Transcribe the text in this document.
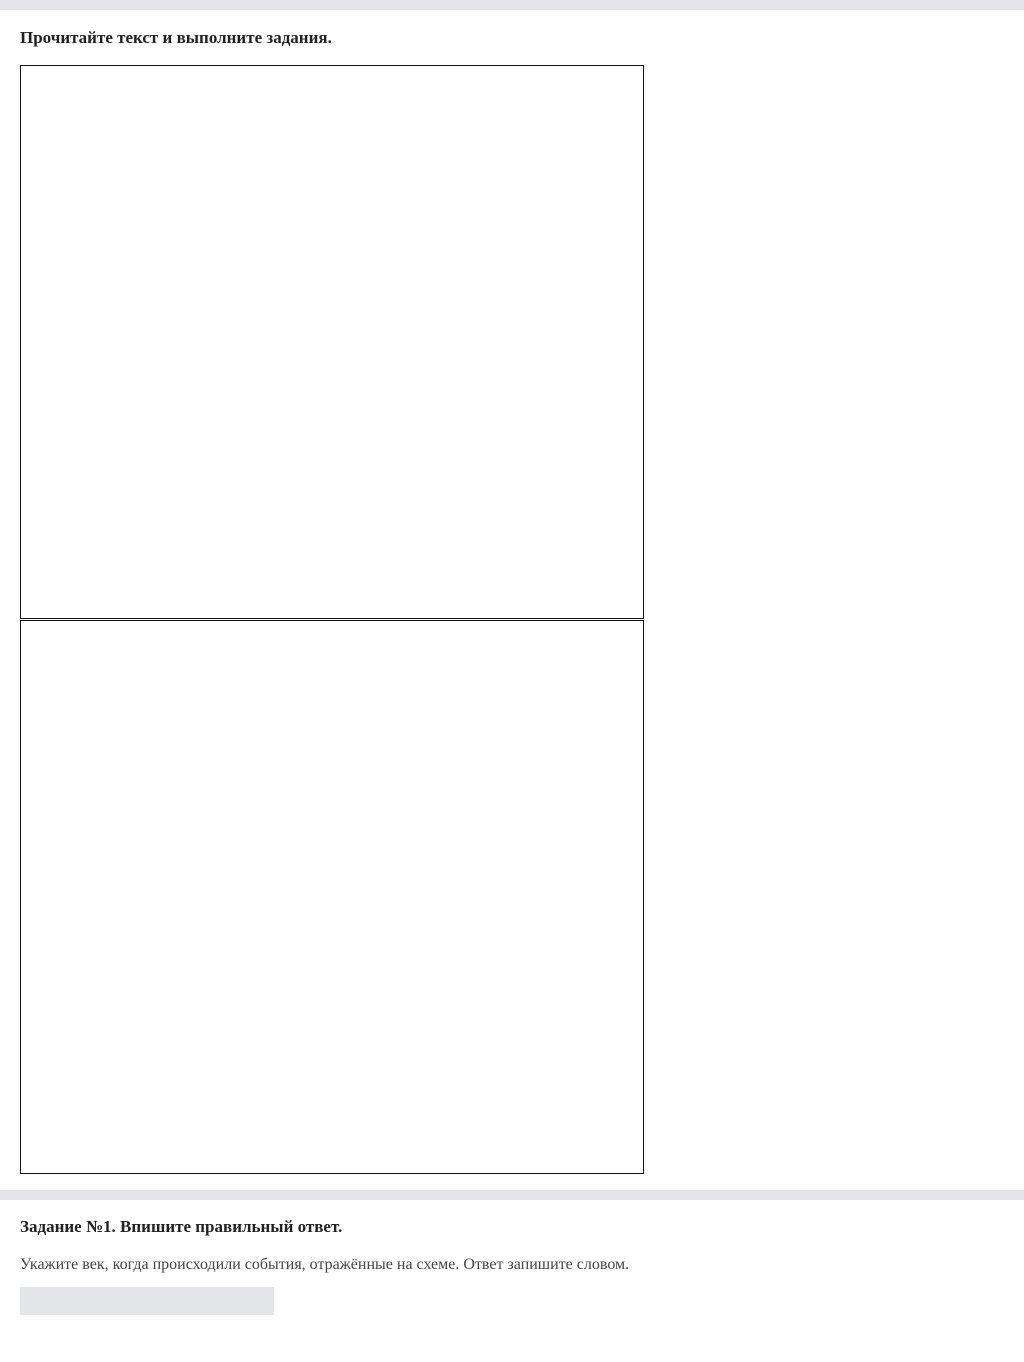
Прочитайте текст и выполните задания.
Задание №1. Впишите правильный ответ.
Укажите век, когда происходили события, отражённые на схеме. Ответ запишите словом.
